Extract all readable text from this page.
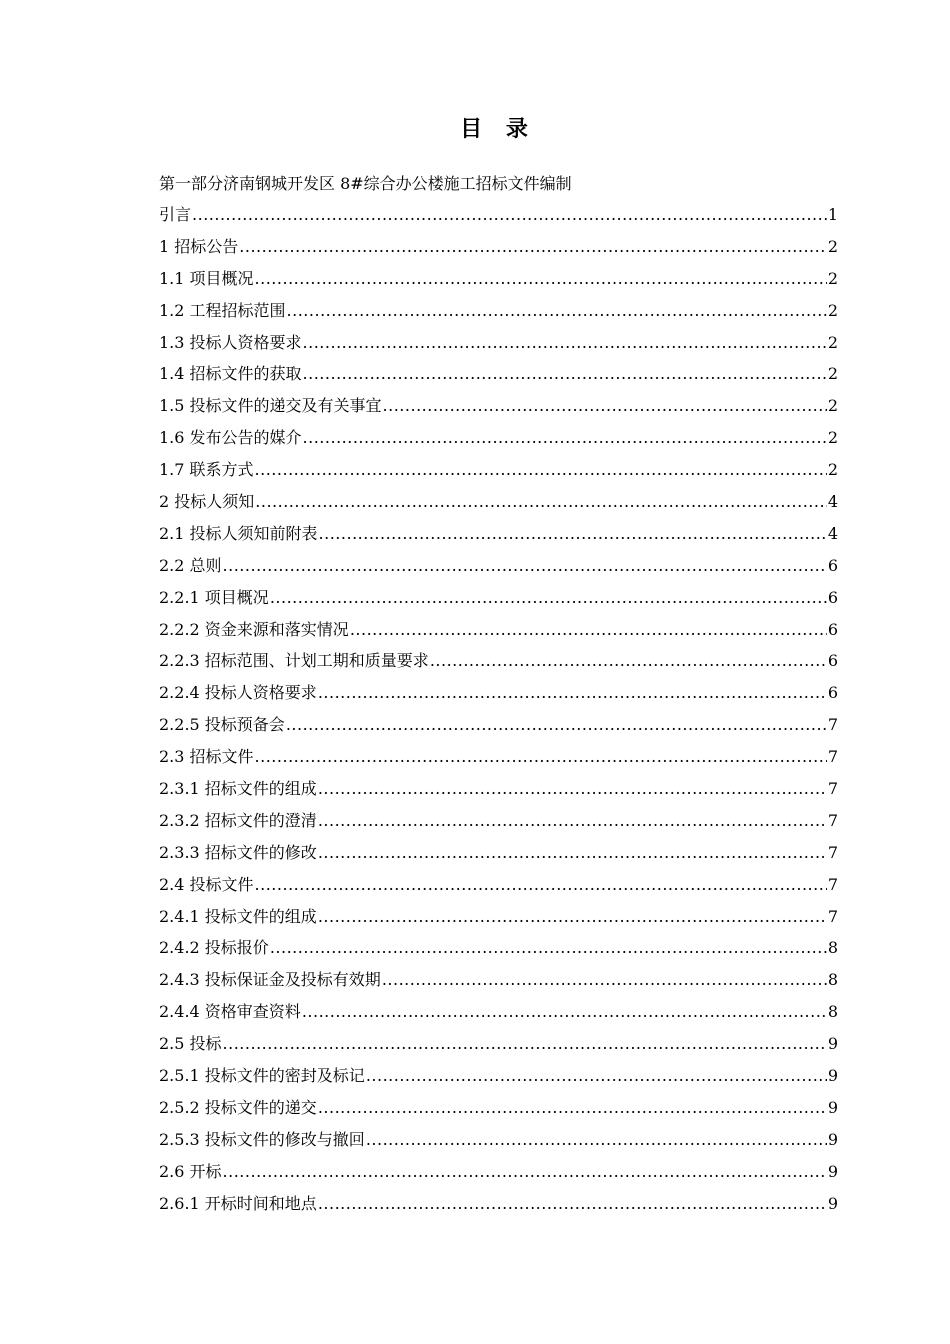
目 录
第一部分济南钢城开发区 8#综合办公楼施工招标文件编制
引言 .....	1
1 招标公告 .....	2
1.1 项目概况 .....	2
1.2 工程招标范围 .....	2
1.3 投标人资格要求 .....	2
1.4 招标文件的获取 .....	2
1.5 投标文件的递交及有关事宜 .....	2
1.6 发布公告的媒介 .....	2
1.7 联系方式 .....	2
2 投标人须知 .....	4
2.1 投标人须知前附表 .....	4
2.2 总则 .....	6
2.2.1 项目概况 .....	6
2.2.2 资金来源和落实情况 .....	6
2.2.3 招标范围、计划工期和质量要求 .....	6
2.2.4 投标人资格要求 .....	6
2.2.5 投标预备会 .....	7
2.3 招标文件 .....	7
2.3.1 招标文件的组成 .....	7
2.3.2 招标文件的澄清 .....	7
2.3.3 招标文件的修改 .....	7
2.4 投标文件 .....	7
2.4.1 投标文件的组成 .....	7
2.4.2 投标报价 .....	8
2.4.3 投标保证金及投标有效期 .....	8
2.4.4 资格审查资料 .....	8
2.5 投标 .....	9
2.5.1 投标文件的密封及标记 .....	9
2.5.2 投标文件的递交 .....	9
2.5.3 投标文件的修改与撤回 .....	9
2.6 开标 .....	9
2.6.1 开标时间和地点 .....	9
